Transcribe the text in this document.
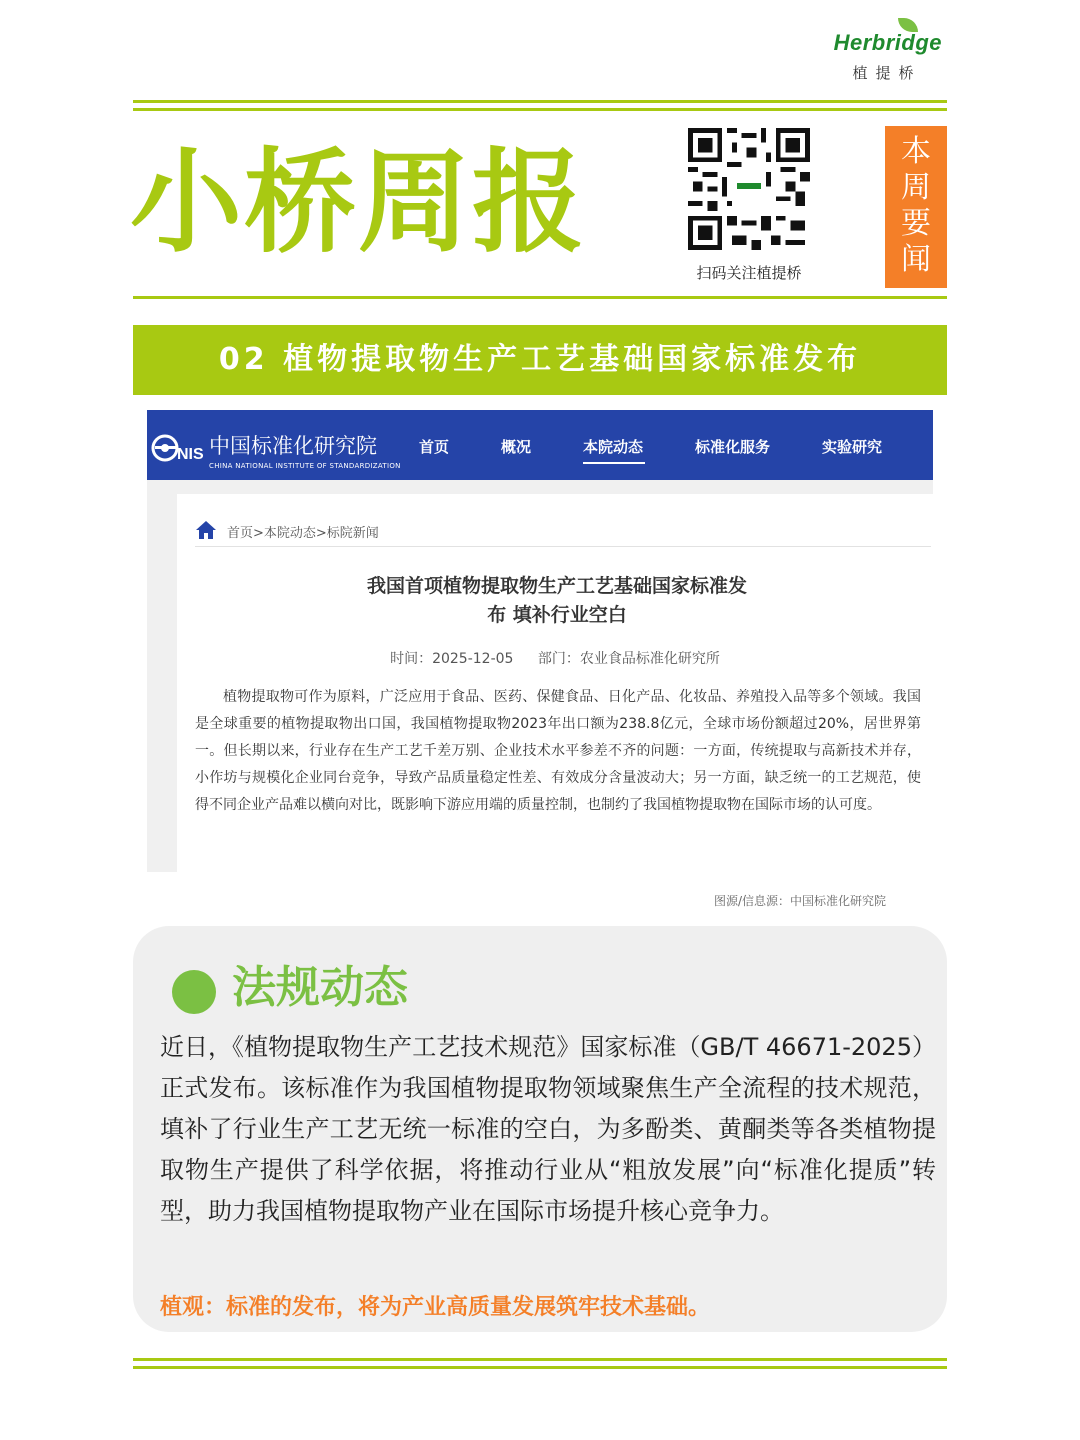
Herbridge
植提桥
小桥周报
扫码关注植提桥
本
周
要
闻
02 植物提取物生产工艺基础国家标准发布
NIS 中国标准化研究院
CHINA NATIONAL INSTITUTE OF STANDARDIZATION
首页	概况	本院动态	标准化服务	实验研究
首页>本院动态>标院新闻
我国首项植物提取物生产工艺基础国家标准发
布 填补行业空白
时间：2025-12-05 部门：农业食品标准化研究所
植物提取物可作为原料，广泛应用于食品、医药、保健食品、日化产品、化妆品、养殖投入品等多个领域。我国是全球重要的植物提取物出口国，我国植物提取物2023年出口额为238.8亿元，全球市场份额超过20%，居世界第一。但长期以来，行业存在生产工艺千差万别、企业技术水平参差不齐的问题：一方面，传统提取与高新技术并存，小作坊与规模化企业同台竞争，导致产品质量稳定性差、有效成分含量波动大；另一方面，缺乏统一的工艺规范，使得不同企业产品难以横向对比，既影响下游应用端的质量控制，也制约了我国植物提取物在国际市场的认可度。
图源/信息源：中国标准化研究院
法规动态
近日，《植物提取物生产工艺技术规范》国家标准（GB/T 46671-2025）正式发布。该标准作为我国植物提取物领域聚焦生产全流程的技术规范，填补了行业生产工艺无统一标准的空白，为多酚类、黄酮类等各类植物提取物生产提供了科学依据，将推动行业从“粗放发展”向“标准化提质”转型，助力我国植物提取物产业在国际市场提升核心竞争力。
植观：标准的发布，将为产业高质量发展筑牢技术基础。
